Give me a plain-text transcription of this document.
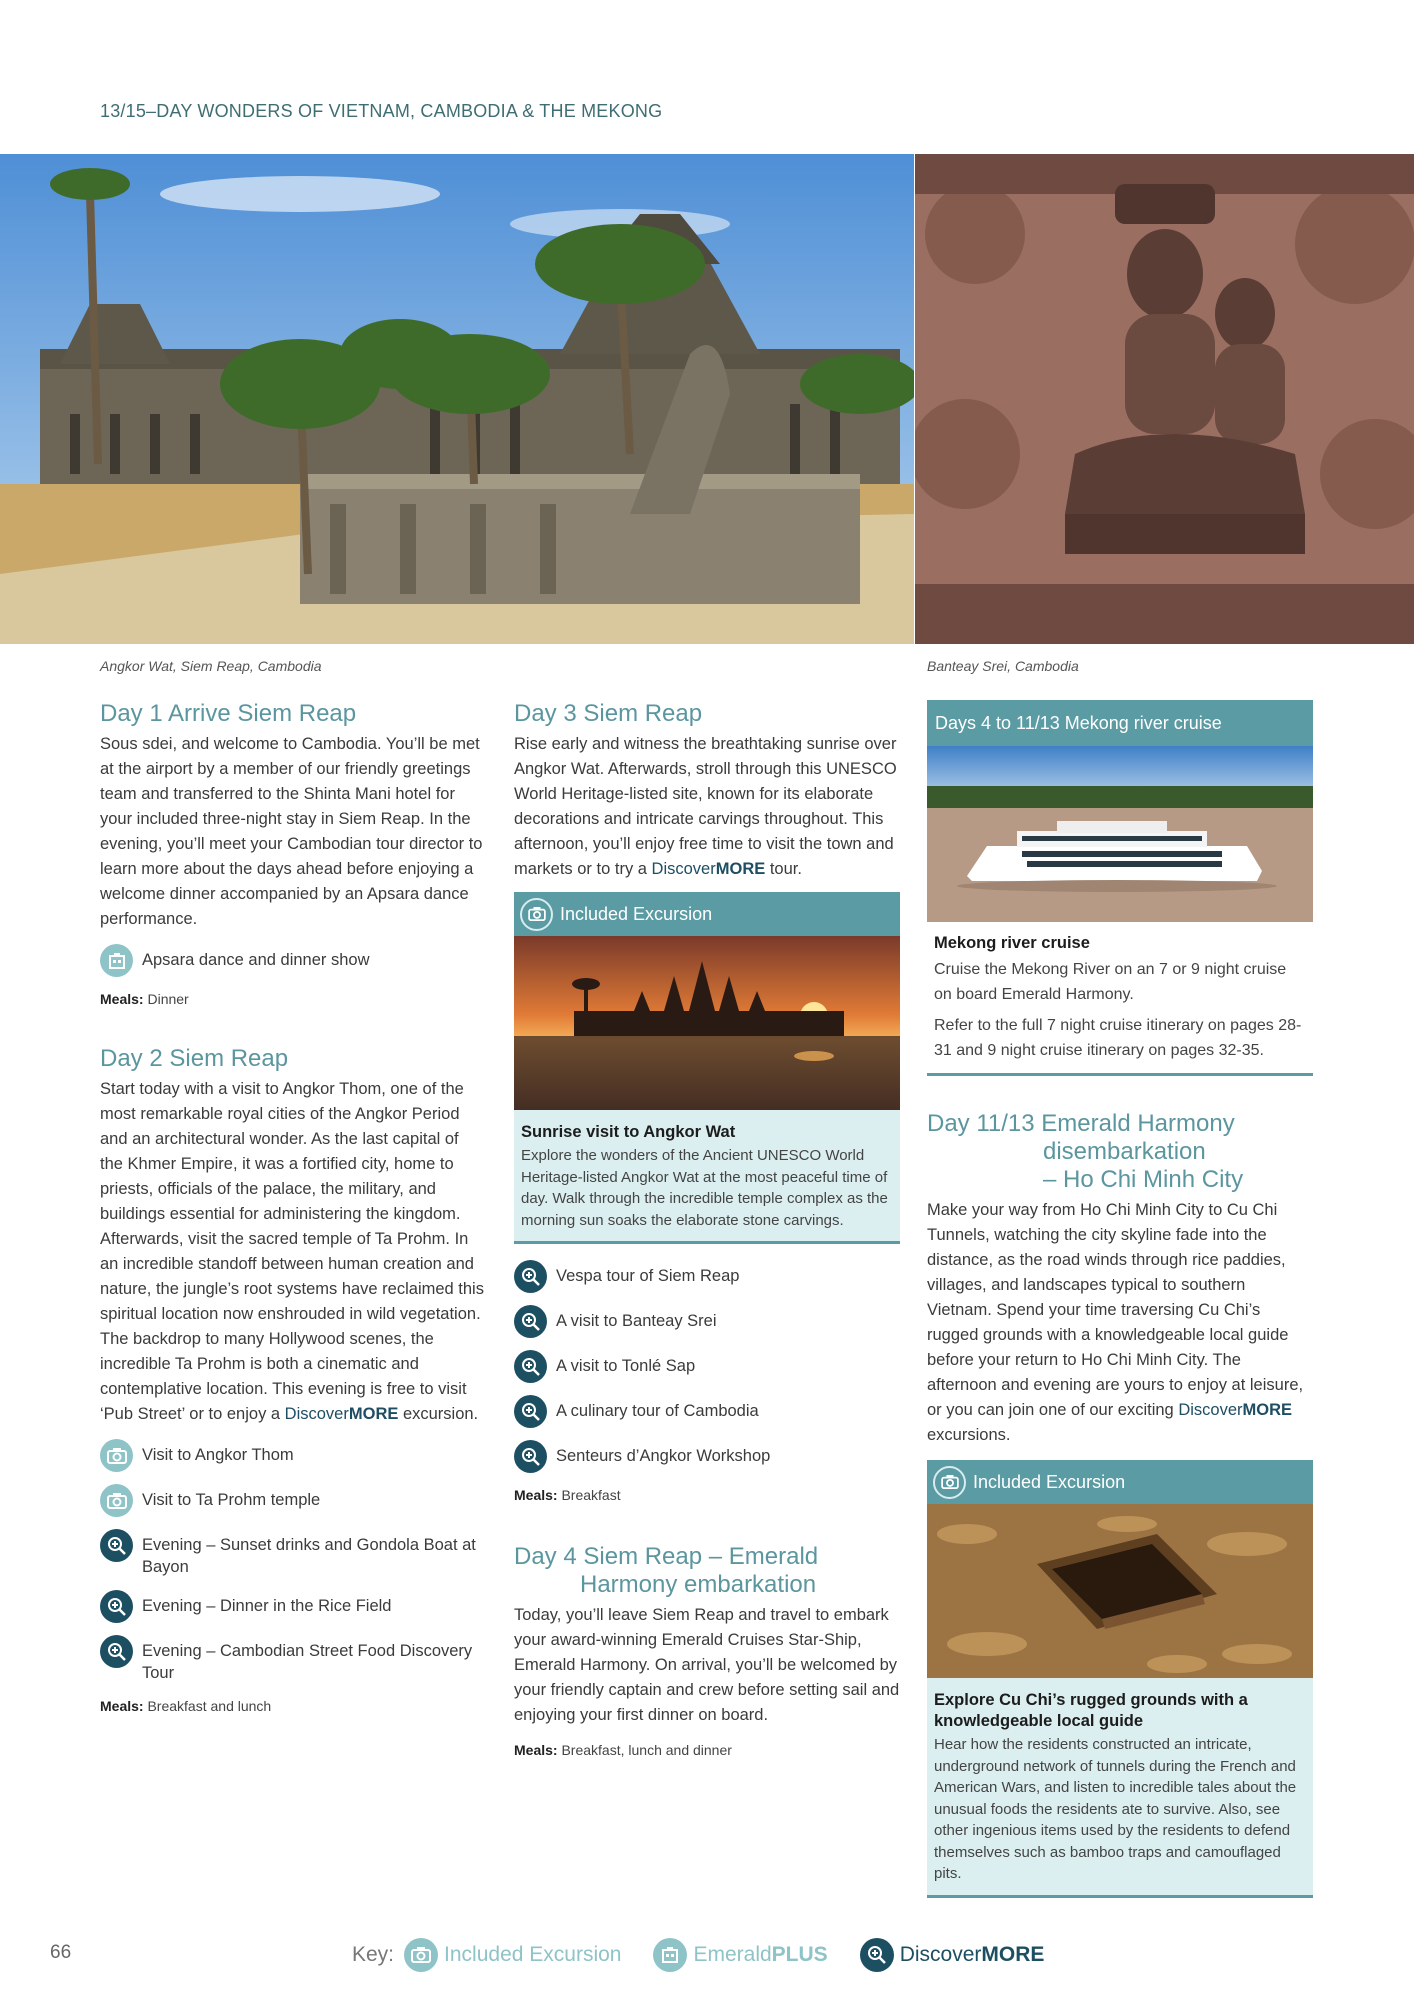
13/15–DAY WONDERS OF VIETNAM, CAMBODIA & THE MEKONG
Angkor Wat, Siem Reap, Cambodia	Banteay Srei, Cambodia
Day 1 Arrive Siem Reap

Sous sdei, and welcome to Cambodia. You’ll be met at the airport by a member of our friendly greetings team and transferred to the Shinta Mani hotel for your included three-night stay in Siem Reap. In the evening, you’ll meet your Cambodian tour director to learn more about the days ahead before enjoying a welcome dinner accompanied by an Apsara dance performance.

Apsara dance and dinner show
Meals: Dinner
Day 2 Siem Reap

Start today with a visit to Angkor Thom, one of the most remarkable royal cities of the Angkor Period and an architectural wonder. As the last capital of the Khmer Empire, it was a fortified city, home to priests, officials of the palace, the military, and buildings essential for administering the kingdom. Afterwards, visit the sacred temple of Ta Prohm. In an incredible standoff between human creation and nature, the jungle’s root systems have reclaimed this spiritual location now enshrouded in wild vegetation. The backdrop to many Hollywood scenes, the incredible Ta Prohm is both a cinematic and contemplative location. This evening is free to visit ‘Pub Street’ or to enjoy a DiscoverMORE excursion.

Visit to Angkor Thom
Visit to Ta Prohm temple
Evening – Sunset drinks and Gondola Boat at Bayon
Evening – Dinner in the Rice Field
Evening – Cambodian Street Food Discovery Tour
Meals: Breakfast and lunch
Day 3 Siem Reap

Rise early and witness the breathtaking sunrise over Angkor Wat. Afterwards, stroll through this UNESCO World Heritage-listed site, known for its elaborate decorations and intricate carvings throughout. This afternoon, you’ll enjoy free time to visit the town and markets or to try a DiscoverMORE tour.

Included Excursion
Sunrise visit to Angkor Wat

Explore the wonders of the Ancient UNESCO World Heritage-listed Angkor Wat at the most peaceful time of day. Walk through the incredible temple complex as the morning sun soaks the elaborate stone carvings.

Vespa tour of Siem Reap
A visit to Banteay Srei
A visit to Tonlé Sap
A culinary tour of Cambodia
Senteurs d’Angkor Workshop
Meals: Breakfast
Day 4 Siem Reap – Emerald
Harmony embarkation

Today, you’ll leave Siem Reap and travel to embark your award-winning Emerald Cruises Star-Ship, Emerald Harmony. On arrival, you’ll be welcomed by your friendly captain and crew before setting sail and enjoying your first dinner on board.

Meals: Breakfast, lunch and dinner
Days 4 to 11/13 Mekong river cruise
Mekong river cruise

Cruise the Mekong River on an 7 or 9 night cruise on board Emerald Harmony.

Refer to the full 7 night cruise itinerary on pages 28-31 and 9 night cruise itinerary on pages 32-35.

Day 11/13 Emerald Harmony
disembarkation
– Ho Chi Minh City

Make your way from Ho Chi Minh City to Cu Chi Tunnels, watching the city skyline fade into the distance, as the road winds through rice paddies, villages, and landscapes typical to southern Vietnam. Spend your time traversing Cu Chi’s rugged grounds with a knowledgeable local guide before your return to Ho Chi Minh City. The afternoon and evening are yours to enjoy at leisure, or you can join one of our exciting DiscoverMORE excursions.

Included Excursion
Explore Cu Chi’s rugged grounds with a knowledgeable local guide

Hear how the residents constructed an intricate, underground network of tunnels during the French and American Wars, and listen to incredible tales about the unusual foods the residents ate to survive. Also, see other ingenious items used by the residents to defend themselves such as bamboo traps and camouflaged pits.

66	Key: Included Excursion	EmeraldPLUS	DiscoverMORE
